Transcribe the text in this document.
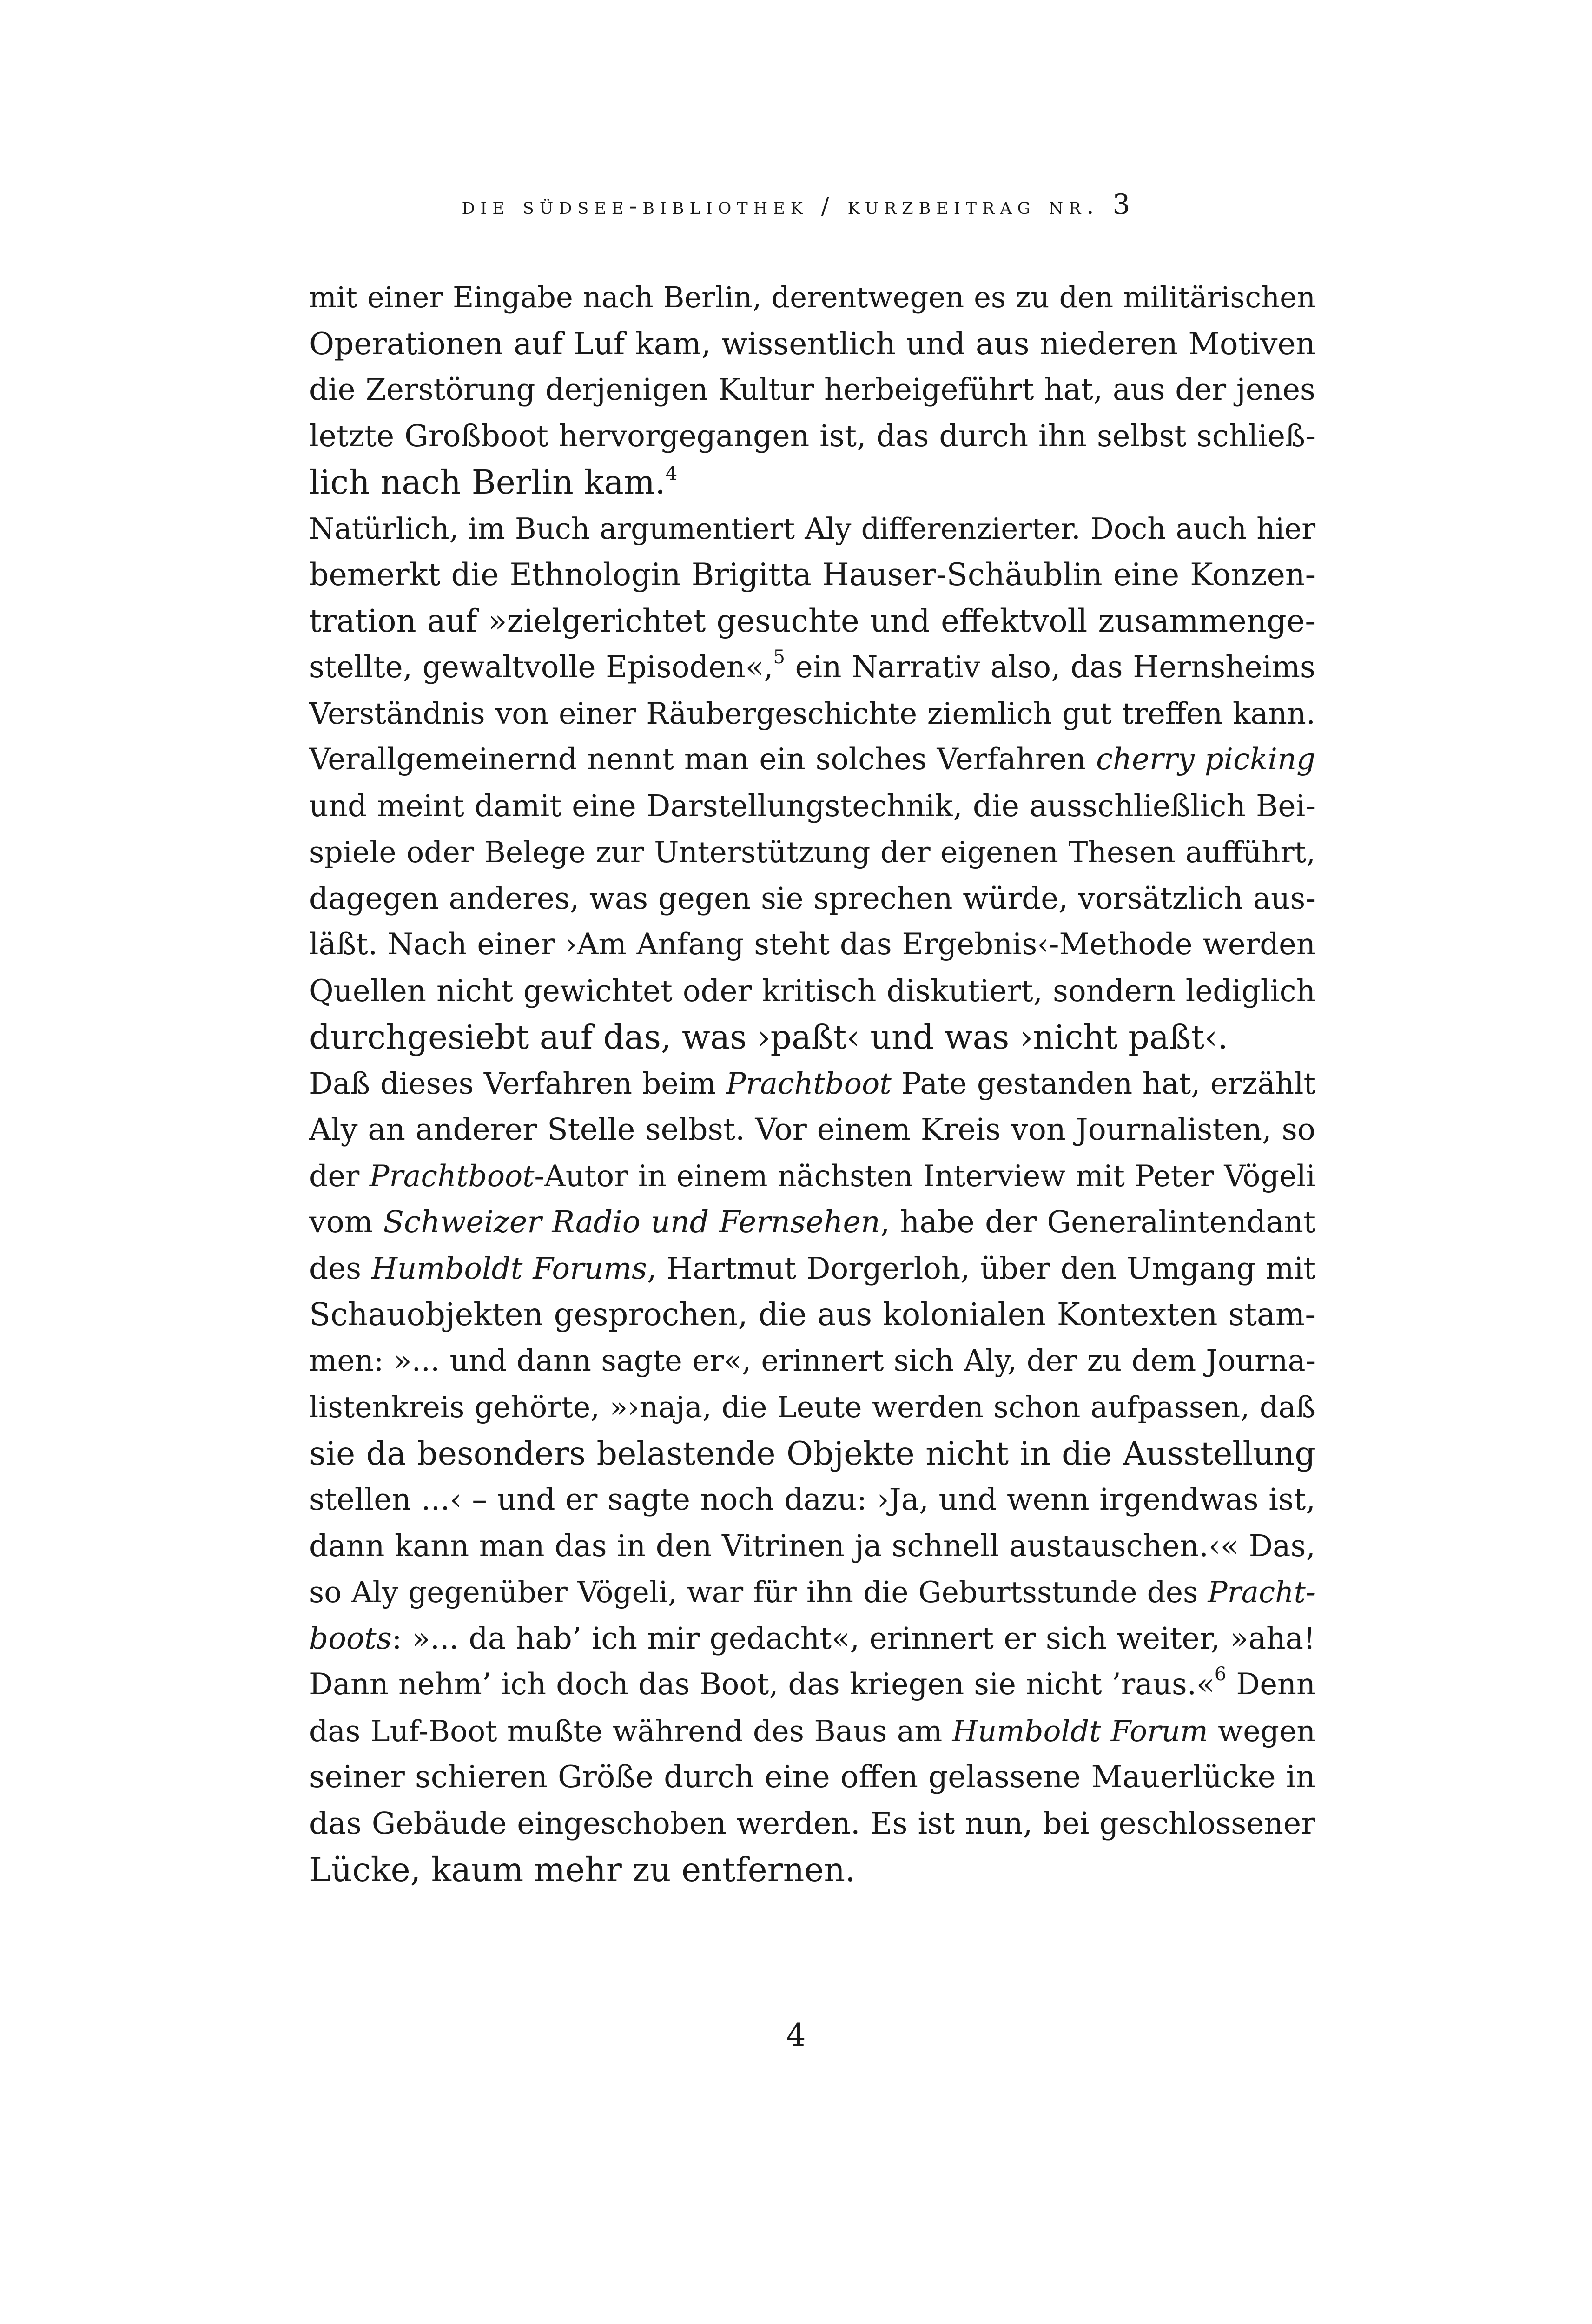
die südsee-bibliothek / kurzbeitrag nr. 3
mit einer Eingabe nach Berlin, derentwegen es zu den militärischen
Operationen auf Luf kam, wissentlich und aus niederen Motiven
die Zerstörung derjenigen Kultur herbeigeführt hat, aus der jenes
letzte Großboot hervorgegangen ist, das durch ihn selbst schließ-
lich nach Berlin kam.$^4$
Natürlich, im Buch argumentiert Aly differenzierter. Doch auch hier
bemerkt die Ethnologin Brigitta Hauser-Schäublin eine Konzen-
tration auf »zielgerichtet gesuchte und effektvoll zusammenge-
stellte, gewaltvolle Episoden«,$^5$ ein Narrativ also, das Hernsheims
Verständnis von einer Räubergeschichte ziemlich gut treffen kann.
Verallgemeinernd nennt man ein solches Verfahren cherry picking
und meint damit eine Darstellungstechnik, die ausschließlich Bei-
spiele oder Belege zur Unterstützung der eigenen Thesen aufführt,
dagegen anderes, was gegen sie sprechen würde, vorsätzlich aus-
läßt. Nach einer ›Am Anfang steht das Ergebnis‹-Methode werden
Quellen nicht gewichtet oder kritisch diskutiert, sondern lediglich
durchgesiebt auf das, was ›paßt‹ und was ›nicht paßt‹.
Daß dieses Verfahren beim Prachtboot Pate gestanden hat, erzählt
Aly an anderer Stelle selbst. Vor einem Kreis von Journalisten, so
der Prachtboot-Autor in einem nächsten Interview mit Peter Vögeli
vom Schweizer Radio und Fernsehen, habe der Generalintendant
des Humboldt Forums, Hartmut Dorgerloh, über den Umgang mit
Schauobjekten gesprochen, die aus kolonialen Kontexten stam-
men: »... und dann sagte er«, erinnert sich Aly, der zu dem Journa-
listenkreis gehörte, »›naja, die Leute werden schon aufpassen, daß
sie da besonders belastende Objekte nicht in die Ausstellung
stellen ...‹ – und er sagte noch dazu: ›Ja, und wenn irgendwas ist,
dann kann man das in den Vitrinen ja schnell austauschen.‹« Das,
so Aly gegenüber Vögeli, war für ihn die Geburtsstunde des Pracht-
boots: »... da hab’ ich mir gedacht«, erinnert er sich weiter, »aha!
Dann nehm’ ich doch das Boot, das kriegen sie nicht ’raus.«$^6$ Denn
das Luf-Boot mußte während des Baus am Humboldt Forum wegen
seiner schieren Größe durch eine offen gelassene Mauerlücke in
das Gebäude eingeschoben werden. Es ist nun, bei geschlossener
Lücke, kaum mehr zu entfernen.
4
